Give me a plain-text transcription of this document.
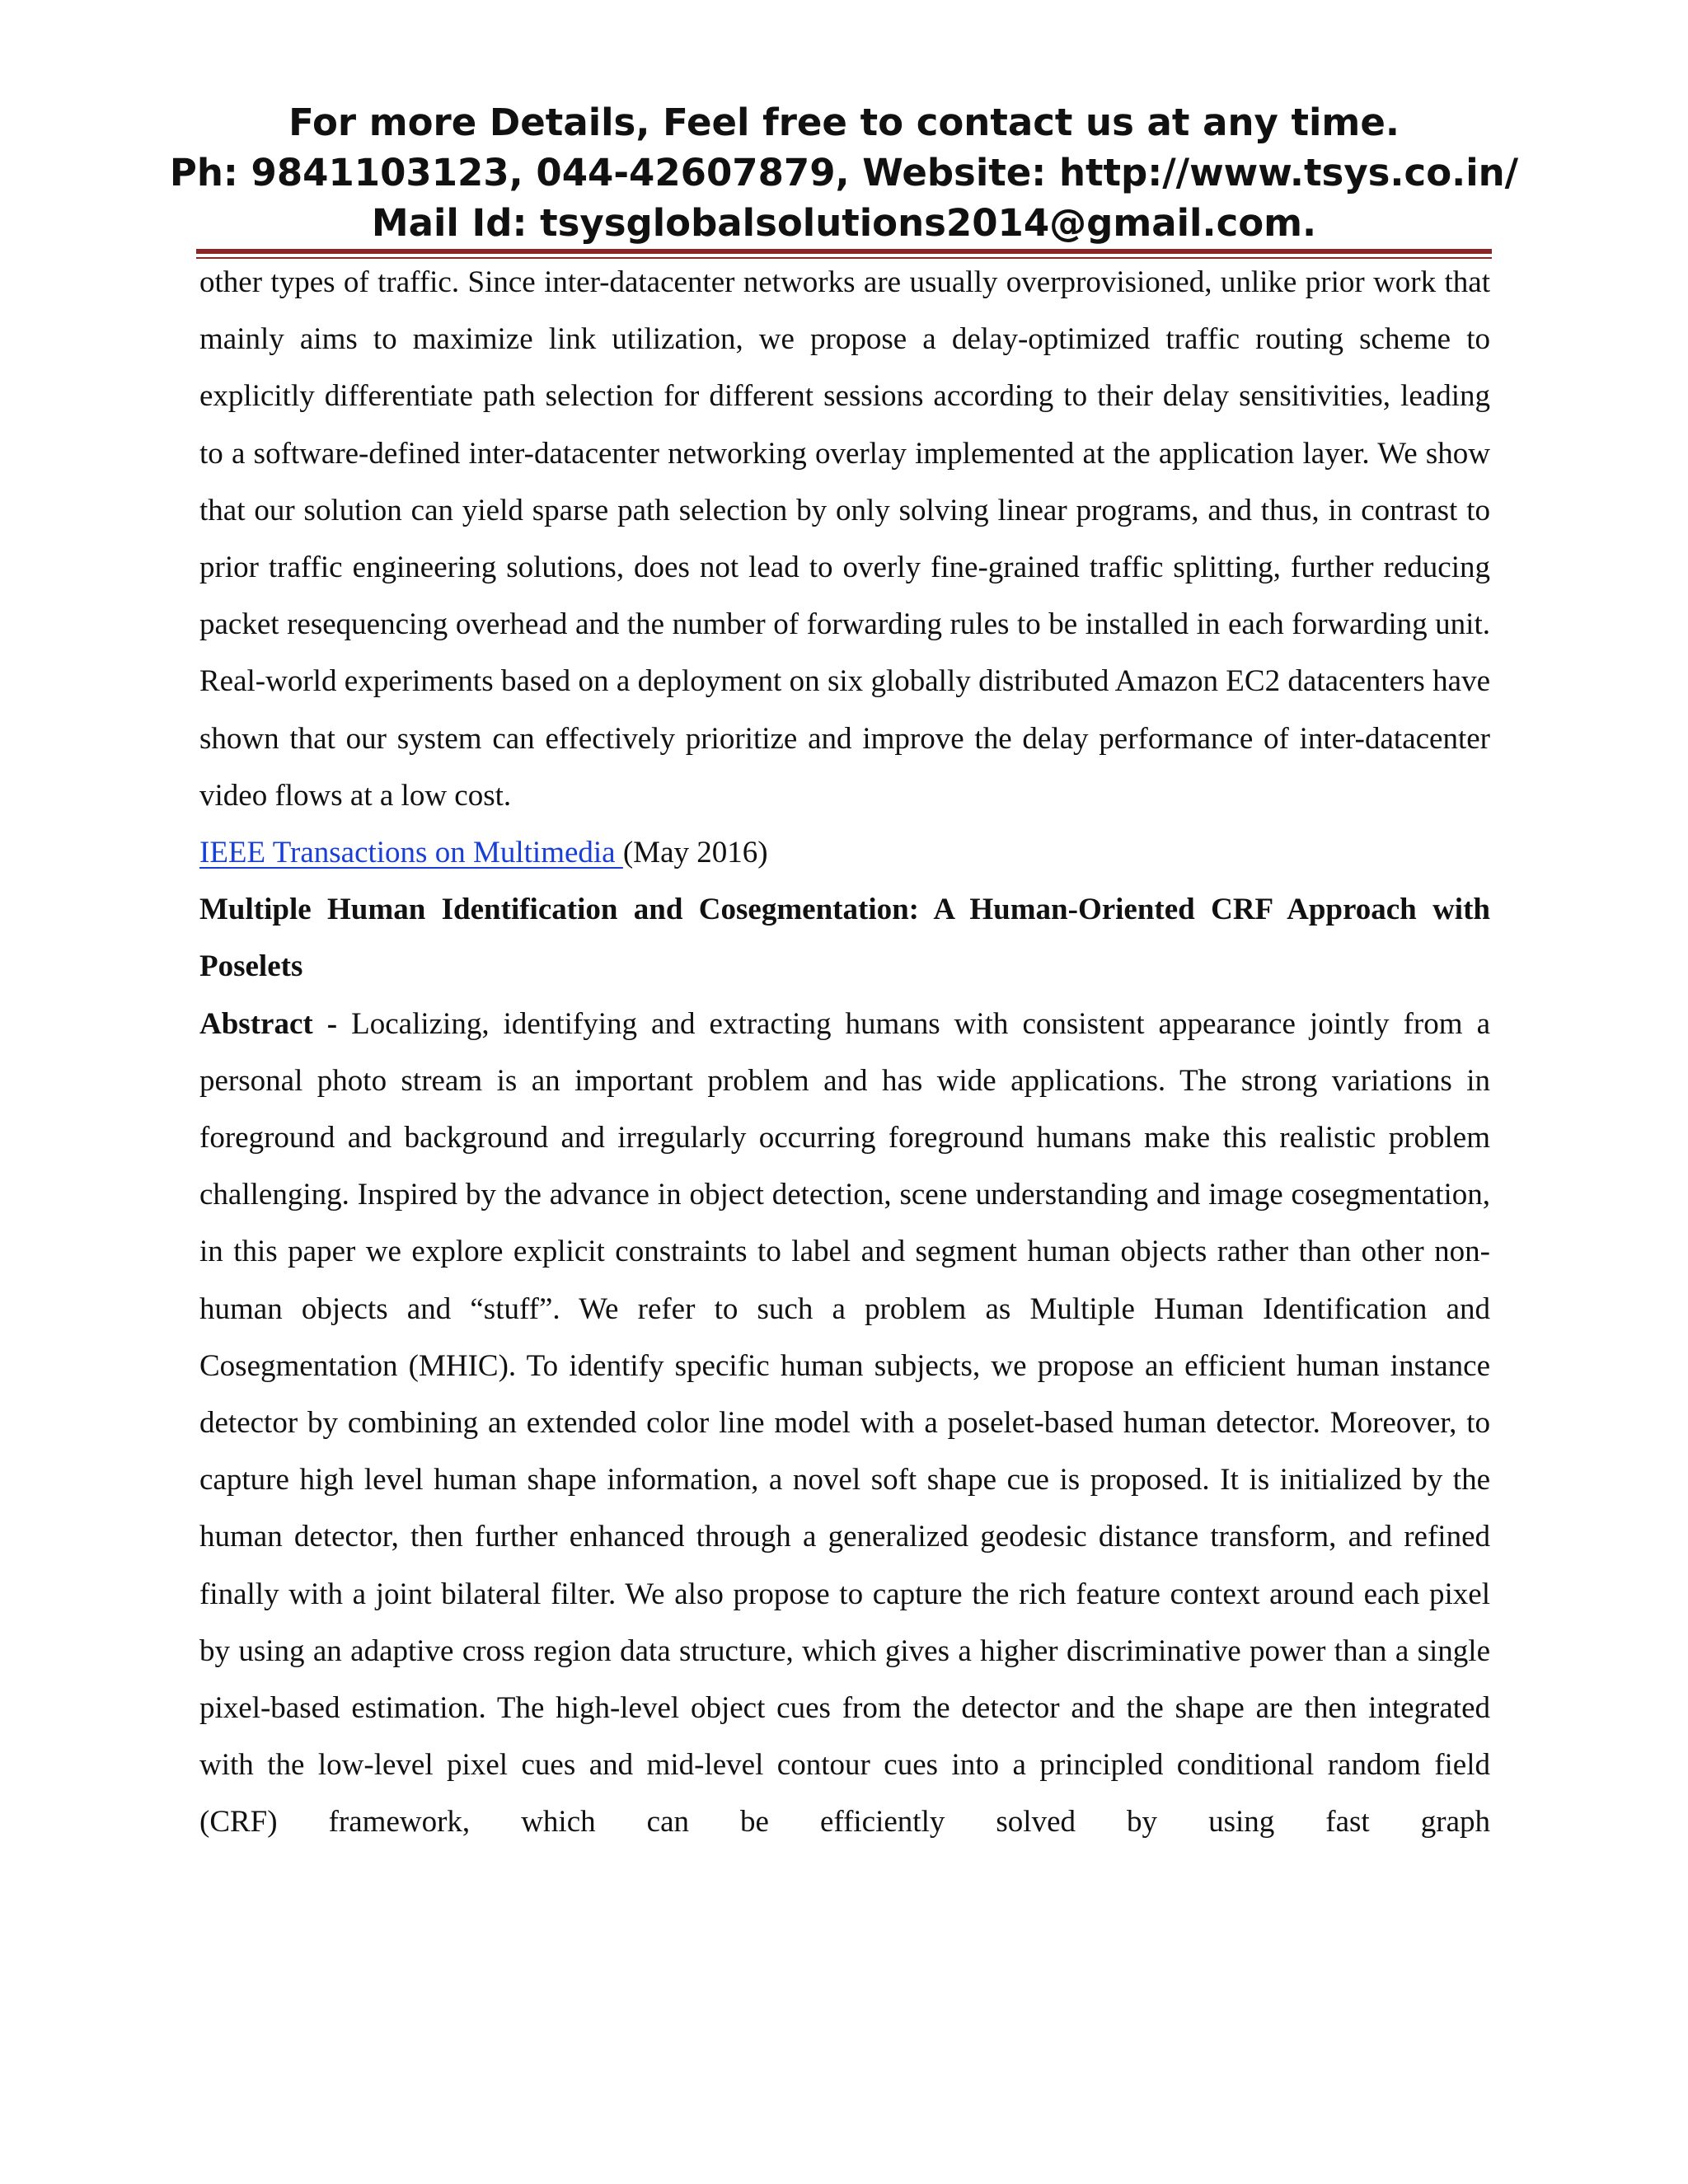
For more Details, Feel free to contact us at any time.
Ph: 9841103123, 044-42607879, Website: http://www.tsys.co.in/
Mail Id: tsysglobalsolutions2014@gmail.com.

other types of traffic. Since inter-datacenter networks are usually overprovisioned, unlike prior work that mainly aims to maximize link utilization, we propose a delay-optimized traffic routing scheme to explicitly differentiate path selection for different sessions according to their delay sensitivities, leading to a software-defined inter-datacenter networking overlay implemented at the application layer. We show that our solution can yield sparse path selection by only solving linear programs, and thus, in contrast to prior traffic engineering solutions, does not lead to overly fine-grained traffic splitting, further reducing packet resequencing overhead and the number of forwarding rules to be installed in each forwarding unit. Real-world experiments based on a deployment on six globally distributed Amazon EC2 datacenters have shown that our system can effectively prioritize and improve the delay performance of inter-datacenter video flows at a low cost.

IEEE Transactions on Multimedia (May 2016)

Multiple Human Identification and Cosegmentation: A Human-Oriented CRF Approach with Poselets

Abstract - Localizing, identifying and extracting humans with consistent appearance jointly from a personal photo stream is an important problem and has wide applications. The strong variations in foreground and background and irregularly occurring foreground humans make this realistic problem challenging. Inspired by the advance in object detection, scene understanding and image cosegmentation, in this paper we explore explicit constraints to label and segment human objects rather than other non-human objects and “stuff”. We refer to such a problem as Multiple Human Identification and Cosegmentation (MHIC). To identify specific human subjects, we propose an efficient human instance detector by combining an extended color line model with a poselet-based human detector. Moreover, to capture high level human shape information, a novel soft shape cue is proposed. It is initialized by the human detector, then further enhanced through a generalized geodesic distance transform, and refined finally with a joint bilateral filter. We also propose to capture the rich feature context around each pixel by using an adaptive cross region data structure, which gives a higher discriminative power than a single pixel-based estimation. The high-level object cues from the detector and the shape are then integrated with the low-level pixel cues and mid-level contour cues into a principled conditional random field (CRF) framework, which can be efficiently solved by using fast graph
